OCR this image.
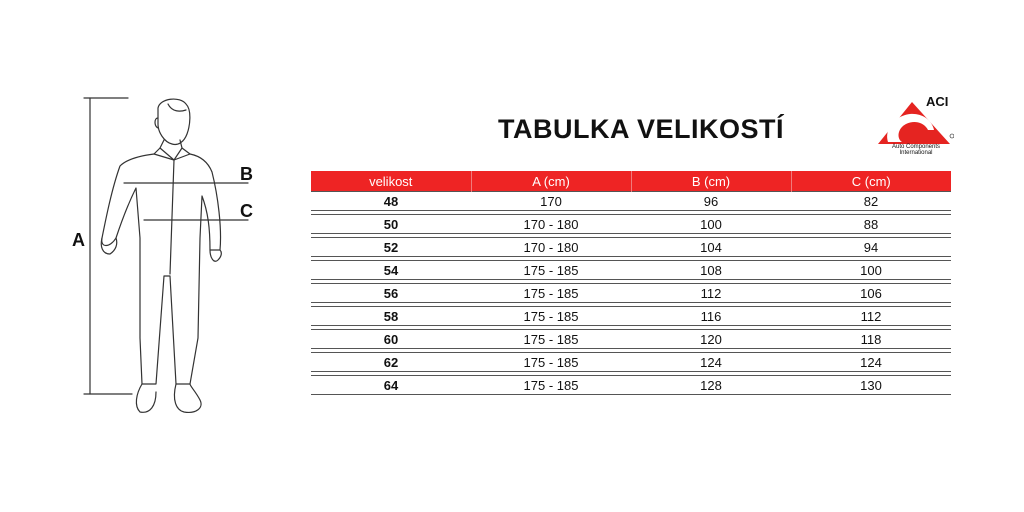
A
B
C
TABULKA VELIKOSTÍ
ACI
Auto Components
International
velikost	A (cm)	B (cm)	C (cm)
48	170	96	82

50	170 - 180	100	88

52	170 - 180	104	94

54	175 - 185	108	100

56	175 - 185	112	106

58	175 - 185	116	112

60	175 - 185	120	118

62	175 - 185	124	124

64	175 - 185	128	130
